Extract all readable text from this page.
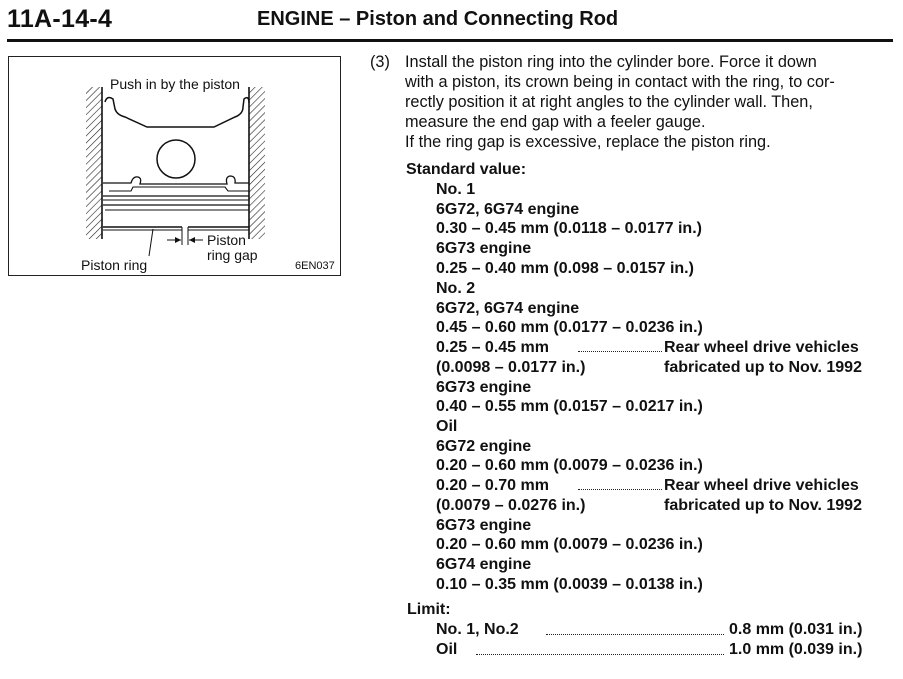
11A-14-4	ENGINE – Piston and Connecting Rod
Push in by the piston
Piston ring
Piston
ring gap
6EN037
(3) Install the piston ring into the cylinder bore. Force it down
with a piston, its crown being in contact with the ring, to cor-
rectly position it at right angles to the cylinder wall. Then,
measure the end gap with a feeler gauge.
If the ring gap is excessive, replace the piston ring.
Standard value:
No. 1
6G72, 6G74 engine
0.30 – 0.45 mm (0.0118 – 0.0177 in.)
6G73 engine
0.25 – 0.40 mm (0.098 – 0.0157 in.)
No. 2
6G72, 6G74 engine
0.45 – 0.60 mm (0.0177 – 0.0236 in.)
0.25 – 0.45 mm	Rear wheel drive vehicles
(0.0098 – 0.0177 in.)	fabricated up to Nov. 1992
6G73 engine
0.40 – 0.55 mm (0.0157 – 0.0217 in.)
Oil
6G72 engine
0.20 – 0.60 mm (0.0079 – 0.0236 in.)
0.20 – 0.70 mm	Rear wheel drive vehicles
(0.0079 – 0.0276 in.)	fabricated up to Nov. 1992
6G73 engine
0.20 – 0.60 mm (0.0079 – 0.0236 in.)
6G74 engine
0.10 – 0.35 mm (0.0039 – 0.0138 in.)
Limit:
No. 1, No.2	0.8 mm (0.031 in.)
Oil	1.0 mm (0.039 in.)
